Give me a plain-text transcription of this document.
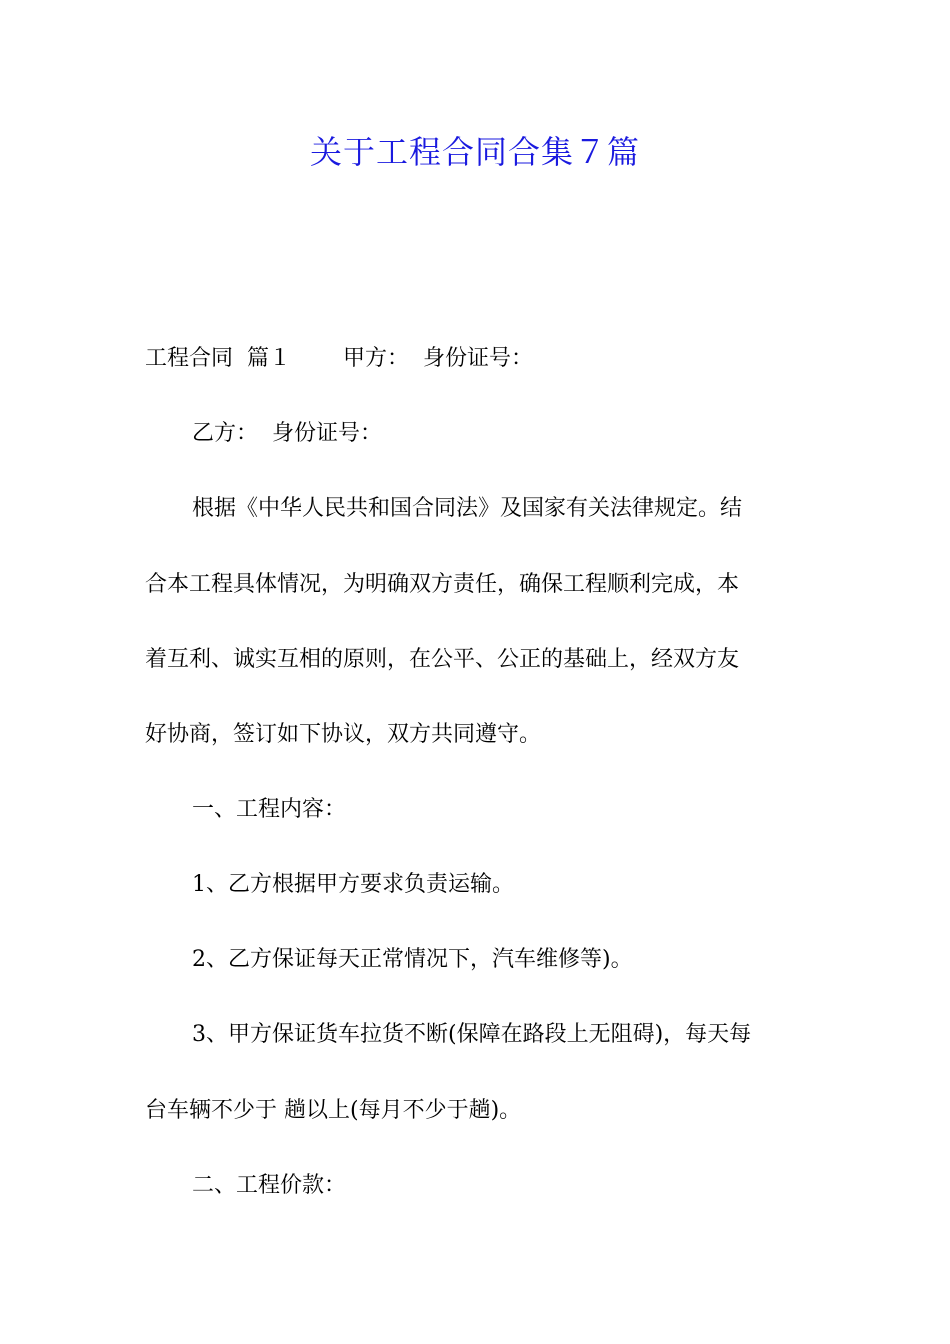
关于工程合同合集７篇
工程合同 篇１ 甲方： 身份证号：
乙方： 身份证号：
根据《中华人民共和国合同法》及国家有关法律规定。结
合本工程具体情况，为明确双方责任，确保工程顺利完成，本
着互利、诚实互相的原则，在公平、公正的基础上，经双方友
好协商，签订如下协议，双方共同遵守。
一、工程内容：
1、乙方根据甲方要求负责运输。
2、乙方保证每天正常情况下，汽车维修等)。
3、甲方保证货车拉货不断(保障在路段上无阻碍)，每天每
台车辆不少于 趟以上(每月不少于趟)。
二、工程价款：
